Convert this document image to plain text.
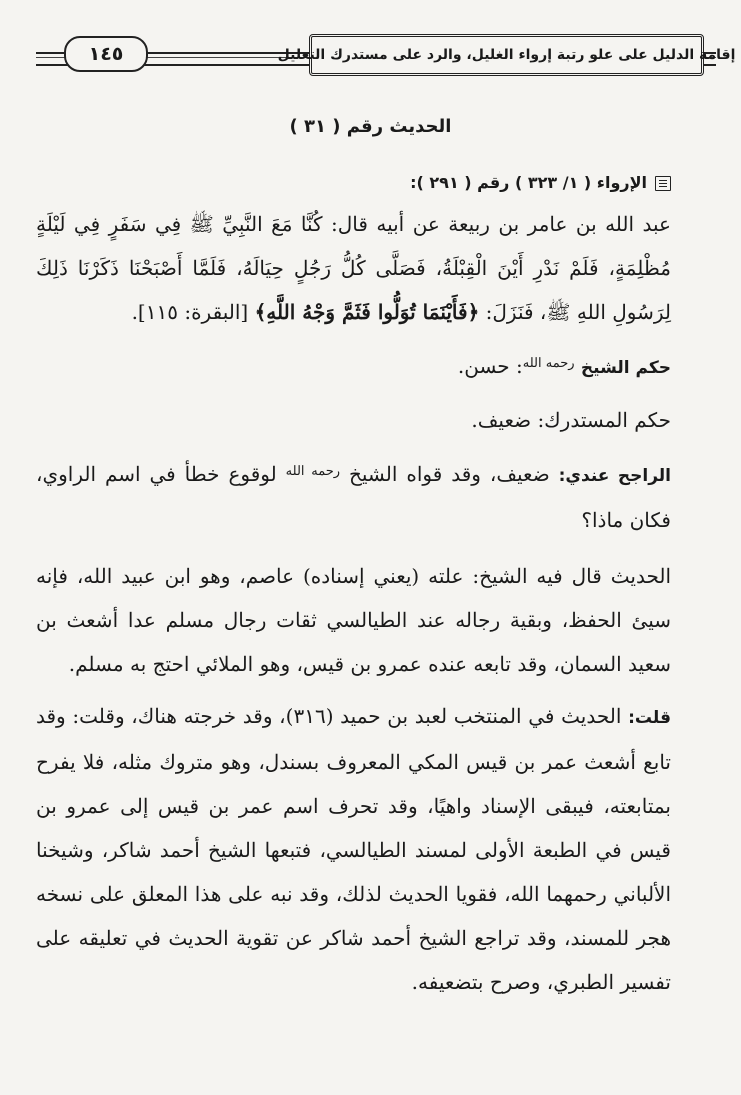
إقامة الدليل على علو رتبة إرواء الغليل، والرد على مستدرك التعليل
١٤٥
الحديث رقم ( ٣١ )

الإرواء ( ١/ ٣٢٣ ) رقم ( ٢٩١ ):

عبد الله بن عامر بن ربيعة عن أبيه قال: كُنَّا مَعَ النَّبِيِّ ﷺ فِي سَفَرٍ فِي لَيْلَةٍ مُظْلِمَةٍ، فَلَمْ نَدْرِ أَيْنَ الْقِبْلَةُ، فَصَلَّى كُلُّ رَجُلٍ حِيَالَهُ، فَلَمَّا أَصْبَحْنَا ذَكَرْنَا ذَلِكَ لِرَسُولِ اللهِ ﷺ، فَنَزَلَ: ﴿فَأَيْنَمَا تُوَلُّوا فَثَمَّ وَجْهُ اللَّهِ﴾ [البقرة: ١١٥].

حكم الشيخ $^{رحمه الله}$: حسن.

حكم المستدرك: ضعيف.

الراجح عندي: ضعيف، وقد قواه الشيخ $^{رحمه الله}$ لوقوع خطأ في اسم الراوي، فكان ماذا؟

الحديث قال فيه الشيخ: علته (يعني إسناده) عاصم، وهو ابن عبيد الله، فإنه سيئ الحفظ، وبقية رجاله عند الطيالسي ثقات رجال مسلم عدا أشعث بن سعيد السمان، وقد تابعه عنده عمرو بن قيس، وهو الملائي احتج به مسلم.

قلت: الحديث في المنتخب لعبد بن حميد (٣١٦)، وقد خرجته هناك، وقلت: وقد تابع أشعث عمر بن قيس المكي المعروف بسندل، وهو متروك مثله، فلا يفرح بمتابعته، فيبقى الإسناد واهيًا، وقد تحرف اسم عمر بن قيس إلى عمرو بن قيس في الطبعة الأولى لمسند الطيالسي، فتبعها الشيخ أحمد شاكر، وشيخنا الألباني رحمهما الله، فقويا الحديث لذلك، وقد نبه على هذا المعلق على نسخه هجر للمسند، وقد تراجع الشيخ أحمد شاكر عن تقوية الحديث في تعليقه على تفسير الطبري، وصرح بتضعيفه.
